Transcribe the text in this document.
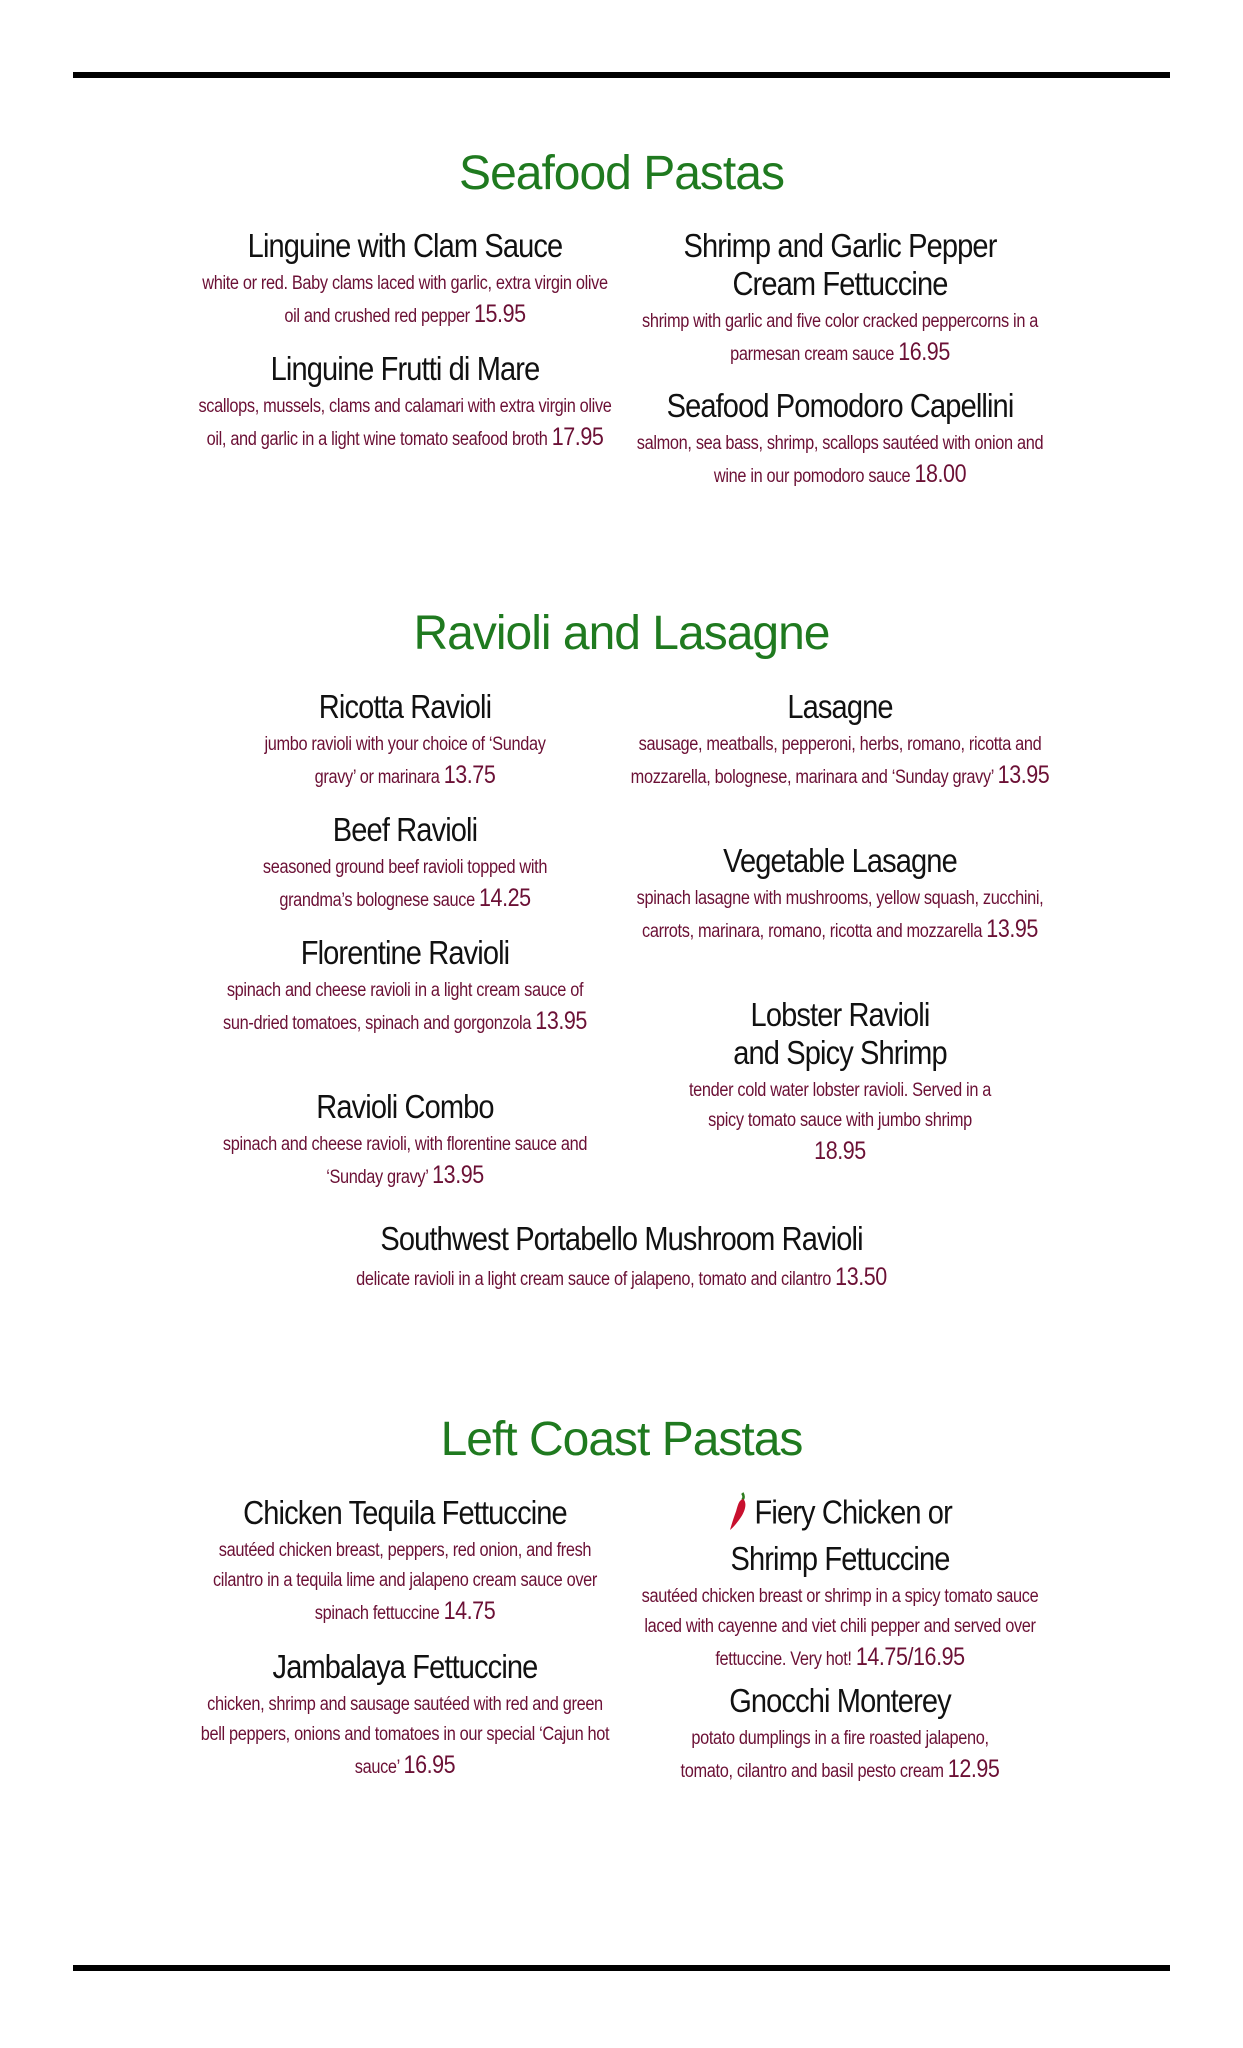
Seafood Pastas
Linguine with Clam Sauce
white or red. Baby clams laced with garlic, extra virgin olive oil and crushed red pepper 15.95
Linguine Frutti di Mare
scallops, mussels, clams and calamari with extra virgin olive oil, and garlic in a light wine tomato seafood broth 17.95
Shrimp and Garlic Pepper Cream Fettuccine
shrimp with garlic and five color cracked peppercorns in a parmesan cream sauce 16.95
Seafood Pomodoro Capellini
salmon, sea bass, shrimp, scallops sautéed with onion and wine in our pomodoro sauce 18.00
Ravioli and Lasagne
Ricotta Ravioli
jumbo ravioli with your choice of ‘Sunday gravy’ or marinara 13.75
Beef Ravioli
seasoned ground beef ravioli topped with grandma’s bolognese sauce 14.25
Florentine Ravioli
spinach and cheese ravioli in a light cream sauce of sun-dried tomatoes, spinach and gorgonzola 13.95
Ravioli Combo
spinach and cheese ravioli, with florentine sauce and ‘Sunday gravy’ 13.95
Lasagne
sausage, meatballs, pepperoni, herbs, romano, ricotta and mozzarella, bolognese, marinara and ‘Sunday gravy’ 13.95
Vegetable Lasagne
spinach lasagne with mushrooms, yellow squash, zucchini, carrots, marinara, romano, ricotta and mozzarella 13.95
Lobster Ravioli and Spicy Shrimp
tender cold water lobster ravioli. Served in a spicy tomato sauce with jumbo shrimp 18.95
Southwest Portabello Mushroom Ravioli
delicate ravioli in a light cream sauce of jalapeno, tomato and cilantro 13.50
Left Coast Pastas
Chicken Tequila Fettuccine
sautéed chicken breast, peppers, red onion, and fresh cilantro in a tequila lime and jalapeno cream sauce over spinach fettuccine 14.75
Jambalaya Fettuccine
chicken, shrimp and sausage sautéed with red and green bell peppers, onions and tomatoes in our special ‘Cajun hot sauce’ 16.95
Fiery Chicken or Shrimp Fettuccine
sautéed chicken breast or shrimp in a spicy tomato sauce laced with cayenne and viet chili pepper and served over fettuccine. Very hot! 14.75/16.95
Gnocchi Monterey
potato dumplings in a fire roasted jalapeno, tomato, cilantro and basil pesto cream 12.95
